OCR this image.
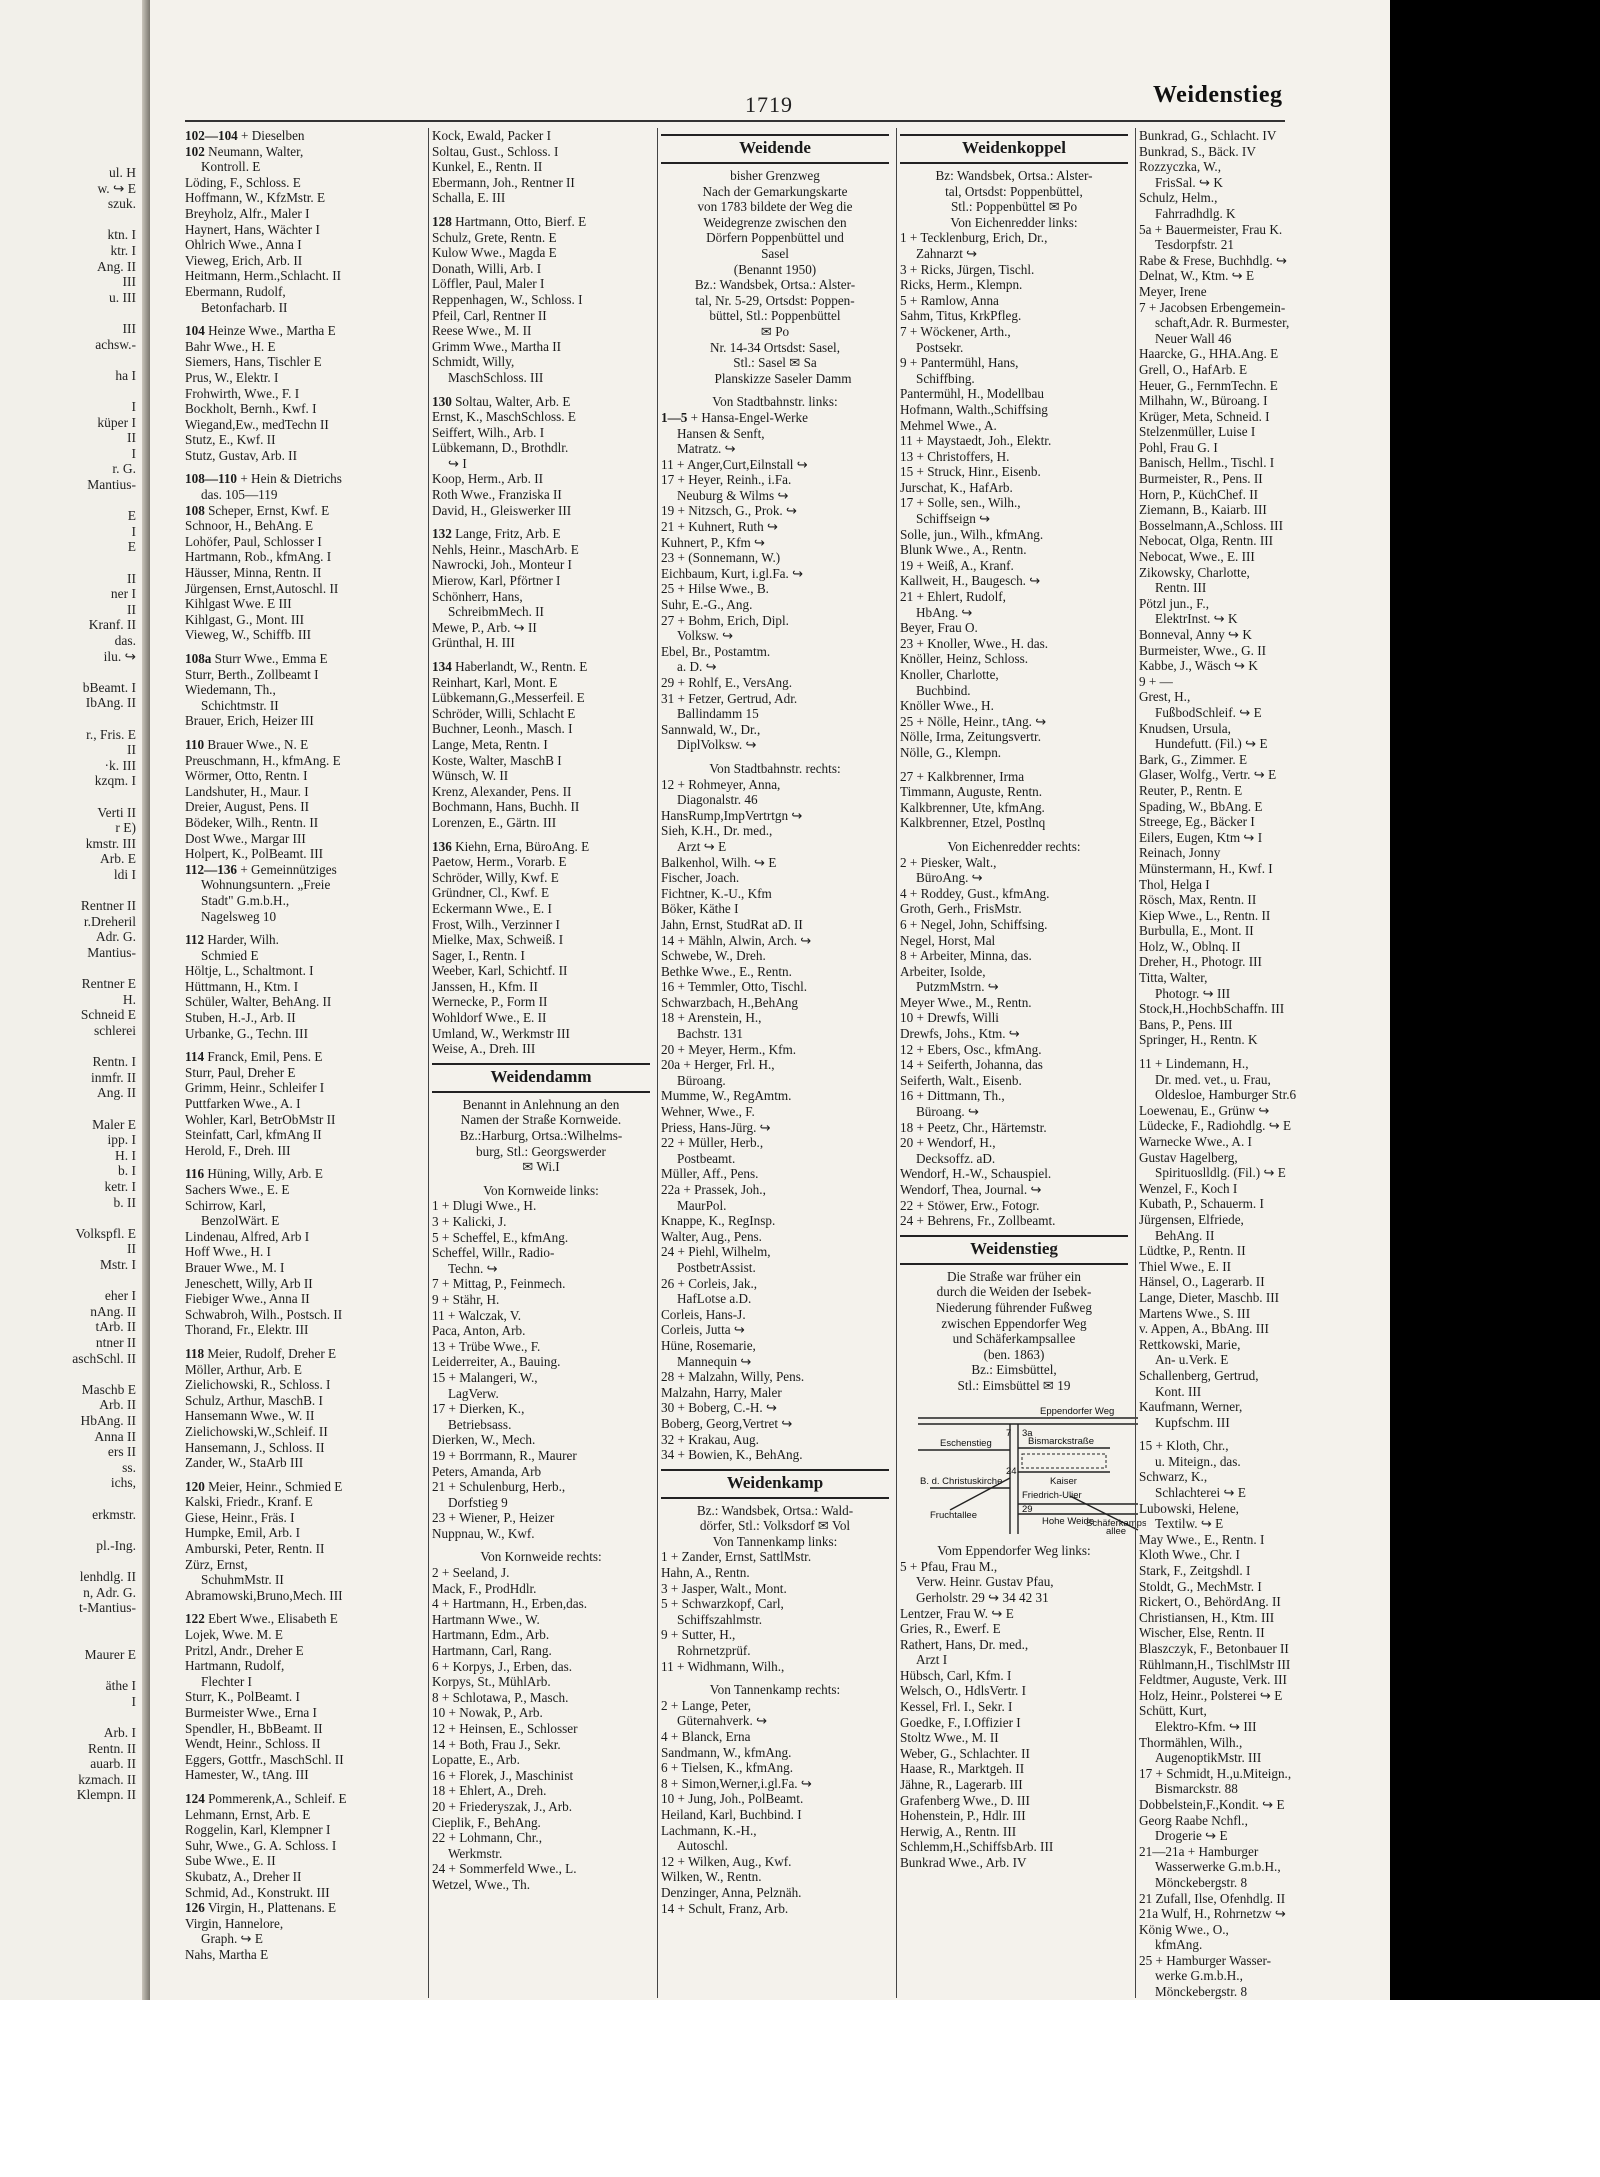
1719	Weidenstieg
102—104 + Dieselben
102 Neumann, Walter,
Kontroll. E
Löding, F., Schloss. E
Hoffmann, W., KfzMstr. E
Breyholz, Alfr., Maler I
Haynert, Hans, Wächter I
Ohlrich Wwe., Anna I
Vieweg, Erich, Arb. II
Heitmann, Herm.,Schlacht. II
Ebermann, Rudolf,
Betonfacharb. II
104 Heinze Wwe., Martha E
Bahr Wwe., H. E
Siemers, Hans, Tischler E
Prus, W., Elektr. I
Frohwirth, Wwe., F. I
Bockholt, Bernh., Kwf. I
Wiegand,Ew., medTechn II
Stutz, E., Kwf. II
Stutz, Gustav, Arb. II
108—110 + Hein & Dietrichs
das. 105—119
108 Scheper, Ernst, Kwf. E
Schnoor, H., BehAng. E
Lohöfer, Paul, Schlosser I
Hartmann, Rob., kfmAng. I
Häusser, Minna, Rentn. II
Jürgensen, Ernst,Autoschl. II
Kihlgast Wwe. E III
Kihlgast, G., Mont. III
Vieweg, W., Schiffb. III
108a Sturr Wwe., Emma E
Sturr, Berth., Zollbeamt I
Wiedemann, Th.,
Schichtmstr. II
Brauer, Erich, Heizer III
110 Brauer Wwe., N. E
Preuschmann, H., kfmAng. E
Wörmer, Otto, Rentn. I
Landshuter, H., Maur. I
Dreier, August, Pens. II
Bödeker, Wilh., Rentn. II
Dost Wwe., Margar III
Holpert, K., PolBeamt. III
112—136 + Gemeinnütziges
Wohnungsuntern. „Freie
Stadt" G.m.b.H.,
Nagelsweg 10
112 Harder, Wilh.
Schmied E
Höltje, L., Schaltmont. I
Hüttmann, H., Ktm. I
Schüler, Walter, BehAng. II
Stuben, H.-J., Arb. II
Urbanke, G., Techn. III
114 Franck, Emil, Pens. E
Sturr, Paul, Dreher E
Grimm, Heinr., Schleifer I
Puttfarken Wwe., A. I
Wohler, Karl, BetrObMstr II
Steinfatt, Carl, kfmAng II
Herold, F., Dreh. III
116 Hüning, Willy, Arb. E
Sachers Wwe., E. E
Schirrow, Karl,
BenzolWärt. E
Lindenau, Alfred, Arb I
Hoff Wwe., H. I
Brauer Wwe., M. I
Jeneschett, Willy, Arb II
Fiebiger Wwe., Anna II
Schwabroh, Wilh., Postsch. II
Thorand, Fr., Elektr. III
118 Meier, Rudolf, Dreher E
Möller, Arthur, Arb. E
Zielichowski, R., Schloss. I
Schulz, Arthur, MaschB. I
Hansemann Wwe., W. II
Zielichowski,W.,Schleif. II
Hansemann, J., Schloss. II
Zander, W., StaArb III
120 Meier, Heinr., Schmied E
Kalski, Friedr., Kranf. E
Giese, Heinr., Fräs. I
Humpke, Emil, Arb. I
Amburski, Peter, Rentn. II
Zürz, Ernst,
SchuhmMstr. II
Abramowski,Bruno,Mech. III
122 Ebert Wwe., Elisabeth E
Lojek, Wwe. M. E
Pritzl, Andr., Dreher E
Hartmann, Rudolf,
Flechter I
Sturr, K., PolBeamt. I
Burmeister Wwe., Erna I
Spendler, H., BbBeamt. II
Wendt, Heinr., Schloss. II
Eggers, Gottfr., MaschSchl. II
Hamester, W., tAng. III
124 Pommerenk,A., Schleif. E
Lehmann, Ernst, Arb. E
Roggelin, Karl, Klempner I
Suhr, Wwe., G. A. Schloss. I
Sube Wwe., E. II
Skubatz, A., Dreher II
Schmid, Ad., Konstrukt. III
126 Virgin, H., Plattenans. E
Virgin, Hannelore,
Graph. ↪ E
Nahs, Martha E
Kock, Ewald, Packer I
Soltau, Gust., Schloss. I
Kunkel, E., Rentn. II
Ebermann, Joh., Rentner II
Schalla, E. III
128 Hartmann, Otto, Bierf. E
Schulz, Grete, Rentn. E
Kulow Wwe., Magda E
Donath, Willi, Arb. I
Löffler, Paul, Maler I
Reppenhagen, W., Schloss. I
Pfeil, Carl, Rentner II
Reese Wwe., M. II
Grimm Wwe., Martha II
Schmidt, Willy,
MaschSchloss. III
130 Soltau, Walter, Arb. E
Ernst, K., MaschSchloss. E
Seiffert, Wilh., Arb. I
Lübkemann, D., Brothdlr.
↪ I
Koop, Herm., Arb. II
Roth Wwe., Franziska II
David, H., Gleiswerker III
132 Lange, Fritz, Arb. E
Nehls, Heinr., MaschArb. E
Nawrocki, Joh., Monteur I
Mierow, Karl, Pförtner I
Schönherr, Hans,
SchreibmMech. II
Mewe, P., Arb. ↪ II
Grünthal, H. III
134 Haberlandt, W., Rentn. E
Reinhart, Karl, Mont. E
Lübkemann,G.,Messerfeil. E
Schröder, Willi, Schlacht E
Buchner, Leonh., Masch. I
Lange, Meta, Rentn. I
Koste, Walter, MaschB I
Wünsch, W. II
Krenz, Alexander, Pens. II
Bochmann, Hans, Buchh. II
Lorenzen, E., Gärtn. III
136 Kiehn, Erna, BüroAng. E
Paetow, Herm., Vorarb. E
Schröder, Willy, Kwf. E
Gründner, Cl., Kwf. E
Eckermann Wwe., E. I
Frost, Wilh., Verzinner I
Mielke, Max, Schweiß. I
Sager, I., Rentn. I
Weeber, Karl, Schichtf. II
Janssen, H., Kfm. II
Wernecke, P., Form II
Wohldorf Wwe., E. II
Umland, W., Werkmstr III
Weise, A., Dreh. III
Weidendamm
Benannt in Anlehnung an den
Namen der Straße Kornweide.
Bz.:Harburg, Ortsa.:Wilhelms-
burg, Stl.: Georgswerder
✉ Wi.I
Von Kornweide links:
1 + Dlugi Wwe., H.
3 + Kalicki, J.
5 + Scheffel, E., kfmAng.
Scheffel, Willr., Radio-
Techn. ↪
7 + Mittag, P., Feinmech.
9 + Stähr, H.
11 + Walczak, V.
Paca, Anton, Arb.
13 + Trübe Wwe., F.
Leiderreiter, A., Bauing.
15 + Malangeri, W.,
LagVerw.
17 + Dierken, K.,
Betriebsass.
Dierken, W., Mech.
19 + Borrmann, R., Maurer
Peters, Amanda, Arb
21 + Schulenburg, Herb.,
Dorfstieg 9
23 + Wiener, P., Heizer
Nuppnau, W., Kwf.
Von Kornweide rechts:
2 + Seeland, J.
Mack, F., ProdHdlr.
4 + Hartmann, H., Erben,das.
Hartmann Wwe., W.
Hartmann, Edm., Arb.
Hartmann, Carl, Rang.
6 + Korpys, J., Erben, das.
Korpys, St., MühlArb.
8 + Schlotawa, P., Masch.
10 + Nowak, P., Arb.
12 + Heinsen, E., Schlosser
14 + Both, Frau J., Sekr.
Lopatte, E., Arb.
16 + Florek, J., Maschinist
18 + Ehlert, A., Dreh.
20 + Friederyszak, J., Arb.
Cieplik, F., BehAng.
22 + Lohmann, Chr.,
Werkmstr.
24 + Sommerfeld Wwe., L.
Wetzel, Wwe., Th.
Weidende
bisher Grenzweg
Nach der Gemarkungskarte
von 1783 bildete der Weg die
Weidegrenze zwischen den
Dörfern Poppenbüttel und
Sasel
(Benannt 1950)
Bz.: Wandsbek, Ortsa.: Alster-
tal, Nr. 5-29, Ortsdst: Poppen-
büttel, Stl.: Poppenbüttel
✉ Po
Nr. 14-34 Ortsdst: Sasel,
Stl.: Sasel ✉ Sa
Planskizze Saseler Damm
Von Stadtbahnstr. links:
1—5 + Hansa-Engel-Werke
Hansen & Senft,
Matratz. ↪
11 + Anger,Curt,Eilnstall ↪
17 + Heyer, Reinh., i.Fa.
Neuburg & Wilms ↪
19 + Nitzsch, G., Prok. ↪
21 + Kuhnert, Ruth ↪
Kuhnert, P., Kfm ↪
23 + (Sonnemann, W.)
Eichbaum, Kurt, i.gl.Fa. ↪
25 + Hilse Wwe., B.
Suhr, E.-G., Ang.
27 + Bohm, Erich, Dipl.
Volksw. ↪
Ebel, Br., Postamtm.
a. D. ↪
29 + Rohlf, E., VersAng.
31 + Fetzer, Gertrud, Adr.
Ballindamm 15
Sannwald, W., Dr.,
DiplVolksw. ↪
Von Stadtbahnstr. rechts:
12 + Rohmeyer, Anna,
Diagonalstr. 46
HansRump,ImpVertrtgn ↪
Sieh, K.H., Dr. med.,
Arzt ↪ E
Balkenhol, Wilh. ↪ E
Fischer, Joach.
Fichtner, K.-U., Kfm
Böker, Käthe I
Jahn, Ernst, StudRat aD. II
14 + Mähln, Alwin, Arch. ↪
Schwebe, W., Dreh.
Bethke Wwe., E., Rentn.
16 + Temmler, Otto, Tischl.
Schwarzbach, H.,BehAng
18 + Arenstein, H.,
Bachstr. 131
20 + Meyer, Herm., Kfm.
20a + Herger, Frl. H.,
Büroang.
Mumme, W., RegAmtm.
Wehner, Wwe., F.
Priess, Hans-Jürg. ↪
22 + Müller, Herb.,
Postbeamt.
Müller, Aff., Pens.
22a + Prassek, Joh.,
MaurPol.
Knappe, K., RegInsp.
Walter, Aug., Pens.
24 + Piehl, Wilhelm,
PostbetrAssist.
26 + Corleis, Jak.,
HafLotse a.D.
Corleis, Hans-J.
Corleis, Jutta ↪
Hüne, Rosemarie,
Mannequin ↪
28 + Malzahn, Willy, Pens.
Malzahn, Harry, Maler
30 + Boberg, C.-H. ↪
Boberg, Georg,Vertret ↪
32 + Krakau, Aug.
34 + Bowien, K., BehAng.
Weidenkamp
Bz.: Wandsbek, Ortsa.: Wald-
dörfer, Stl.: Volksdorf ✉ Vol
Von Tannenkamp links:
1 + Zander, Ernst, SattlMstr.
Hahn, A., Rentn.
3 + Jasper, Walt., Mont.
5 + Schwarzkopf, Carl,
Schiffszahlmstr.
9 + Sutter, H.,
Rohrnetzprüf.
11 + Widhmann, Wilh.,
Von Tannenkamp rechts:
2 + Lange, Peter,
Güternahverk. ↪
4 + Blanck, Erna
Sandmann, W., kfmAng.
6 + Tielsen, K., kfmAng.
8 + Simon,Werner,i.gl.Fa. ↪
10 + Jung, Joh., PolBeamt.
Heiland, Karl, Buchbind. I
Lachmann, K.-H.,
Autoschl.
12 + Wilken, Aug., Kwf.
Wilken, W., Rentn.
Denzinger, Anna, Pelznäh.
14 + Schult, Franz, Arb.
Weidenkoppel
Bz: Wandsbek, Ortsa.: Alster-
tal, Ortsdst: Poppenbüttel,
Stl.: Poppenbüttel ✉ Po
Von Eichenredder links:
1 + Tecklenburg, Erich, Dr.,
Zahnarzt ↪
3 + Ricks, Jürgen, Tischl.
Ricks, Herm., Klempn.
5 + Ramlow, Anna
Sahm, Titus, KrkPfleg.
7 + Wöckener, Arth.,
Postsekr.
9 + Pantermühl, Hans,
Schiffbing.
Pantermühl, H., Modellbau
Hofmann, Walth.,Schiffsing
Mehmel Wwe., A.
11 + Maystaedt, Joh., Elektr.
13 + Christoffers, H.
15 + Struck, Hinr., Eisenb.
Jurschat, K., HafArb.
17 + Solle, sen., Wilh.,
Schiffseign ↪
Solle, jun., Wilh., kfmAng.
Blunk Wwe., A., Rentn.
19 + Weiß, A., Kranf.
Kallweit, H., Baugesch. ↪
21 + Ehlert, Rudolf,
HbAng. ↪
Beyer, Frau O.
23 + Knoller, Wwe., H. das.
Knöller, Heinz, Schloss.
Knoller, Charlotte,
Buchbind.
Knöller Wwe., H.
25 + Nölle, Heinr., tAng. ↪
Nölle, Irma, Zeitungsvertr.
Nölle, G., Klempn.
27 + Kalkbrenner, Irma
Timmann, Auguste, Rentn.
Kalkbrenner, Ute, kfmAng.
Kalkbrenner, Etzel, Postlnq
Von Eichenredder rechts:
2 + Piesker, Walt.,
BüroAng. ↪
4 + Roddey, Gust., kfmAng.
Groth, Gerh., FrisMstr.
6 + Negel, John, Schiffsing.
Negel, Horst, Mal
8 + Arbeiter, Minna, das.
Arbeiter, Isolde,
PutzmMstrn. ↪
Meyer Wwe., M., Rentn.
10 + Drewfs, Willi
Drewfs, Johs., Ktm. ↪
12 + Ebers, Osc., kfmAng.
14 + Seiferth, Johanna, das
Seiferth, Walt., Eisenb.
16 + Dittmann, Th.,
Büroang. ↪
18 + Peetz, Chr., Härtemstr.
20 + Wendorf, H.,
Decksoffz. aD.
Wendorf, H.-W., Schauspiel.
Wendorf, Thea, Journal. ↪
22 + Stöwer, Erw., Fotogr.
24 + Behrens, Fr., Zollbeamt.
Weidenstieg
Die Straße war früher ein
durch die Weiden der Isebek-
Niederung führender Fußweg
zwischen Eppendorfer Weg
und Schäferkampsallee
(ben. 1863)
Bz.: Eimsbüttel,
Stl.: Eimsbüttel ✉ 19
Eppendorfer Weg
7 3a
Bismarckstraße
Eschenstieg
24
B. d. Christuskirche	Kaiser
Friedrich-Ulier
Fruchtallee
29
Hohe Weide
Schäferkamps
allee
Vom Eppendorfer Weg links:
5 + Pfau, Frau M.,
Verw. Heinr. Gustav Pfau,
Gerholstr. 29 ↪ 34 42 31
Lentzer, Frau W. ↪ E
Gries, R., Ewerf. E
Rathert, Hans, Dr. med.,
Arzt I
Hübsch, Carl, Kfm. I
Welsch, O., HdlsVertr. I
Kessel, Frl. I., Sekr. I
Goedke, F., I.Offizier I
Stoltz Wwe., M. II
Weber, G., Schlachter. II
Haase, R., Marktgeh. II
Jähne, R., Lagerarb. III
Grafenberg Wwe., D. III
Hohenstein, P., Hdlr. III
Herwig, A., Rentn. III
Schlemm,H.,SchiffsbArb. III
Bunkrad Wwe., Arb. IV
Bunkrad, G., Schlacht. IV
Bunkrad, S., Bäck. IV
Rozzyczka, W.,
FrisSal. ↪ K
Schulz, Helm.,
Fahrradhdlg. K
5a + Bauermeister, Frau K.
Tesdorpfstr. 21
Rabe & Frese, Buchhdlg. ↪
Delnat, W., Ktm. ↪ E
Meyer, Irene
7 + Jacobsen Erbengemein-
schaft,Adr. R. Burmester,
Neuer Wall 46
Haarcke, G., HHA.Ang. E
Grell, O., HafArb. E
Heuer, G., FernmTechn. E
Milhahn, W., Büroang. I
Krüger, Meta, Schneid. I
Stelzenmüller, Luise I
Pohl, Frau G. I
Banisch, Hellm., Tischl. I
Burmeister, R., Pens. II
Horn, P., KüchChef. II
Ziemann, B., Kaiarb. III
Bosselmann,A.,Schloss. III
Nebocat, Olga, Rentn. III
Nebocat, Wwe., E. III
Zikowsky, Charlotte,
Rentn. III
Pötzl jun., F.,
ElektrInst. ↪ K
Bonneval, Anny ↪ K
Burmeister, Wwe., G. II
Kabbe, J., Wäsch ↪ K
9 + —
Grest, H.,
FußbodSchleif. ↪ E
Knudsen, Ursula,
Hundefutt. (Fil.) ↪ E
Bark, G., Zimmer. E
Glaser, Wolfg., Vertr. ↪ E
Reuter, P., Rentn. E
Spading, W., BbAng. E
Streege, Eg., Bäcker I
Eilers, Eugen, Ktm ↪ I
Reinach, Jonny
Münstermann, H., Kwf. I
Thol, Helga I
Rösch, Max, Rentn. II
Kiep Wwe., L., Rentn. II
Burbulla, E., Mont. II
Holz, W., Oblnq. II
Dreher, H., Photogr. III
Titta, Walter,
Photogr. ↪ III
Stock,H.,HochbSchaffn. III
Bans, P., Pens. III
Springer, H., Rentn. K
11 + Lindemann, H.,
Dr. med. vet., u. Frau,
Oldesloe, Hamburger Str.6
Loewenau, E., Grünw ↪
Lüdecke, F., Radiohdlg. ↪ E
Warnecke Wwe., A. I
Gustav Hagelberg,
Spirituoslldlg. (Fil.) ↪ E
Wenzel, F., Koch I
Kubath, P., Schauerm. I
Jürgensen, Elfriede,
BehAng. II
Lüdtke, P., Rentn. II
Thiel Wwe., E. II
Hänsel, O., Lagerarb. II
Lange, Dieter, Maschb. III
Martens Wwe., S. III
v. Appen, A., BbAng. III
Rettkowski, Marie,
An- u.Verk. E
Schallenberg, Gertrud,
Kont. III
Kaufmann, Werner,
Kupfschm. III
15 + Kloth, Chr.,
u. Miteign., das.
Schwarz, K.,
Schlachterei ↪ E
Lubowski, Helene,
Textilw. ↪ E
May Wwe., E., Rentn. I
Kloth Wwe., Chr. I
Stark, F., Zeitgshdl. I
Stoldt, G., MechMstr. I
Rickert, O., BehördAng. II
Christiansen, H., Ktm. III
Wischer, Else, Rentn. II
Blaszczyk, F., Betonbauer II
Rühlmann,H., TischlMstr III
Feldtmer, Auguste, Verk. III
Holz, Heinr., Polsterei ↪ E
Schütt, Kurt,
Elektro-Kfm. ↪ III
Thormählen, Wilh.,
AugenoptikMstr. III
17 + Schmidt, H.,u.Miteign.,
Bismarckstr. 88
Dobbelstein,F.,Kondit. ↪ E
Georg Raabe Nchfl.,
Drogerie ↪ E
21—21a + Hamburger
Wasserwerke G.m.b.H.,
Mönckebergstr. 8
21 Zufall, Ilse, Ofenhdlg. II
21a Wulf, H., Rohrnetzw ↪
König Wwe., O.,
kfmAng.
25 + Hamburger Wasser-
werke G.m.b.H.,
Mönckebergstr. 8
ul. H
w. ↪ E
szuk.
ktn. I
ktr. I
Ang. II
III
u. III
III
achsw.-
ha I
I
küper I
II
I
r. G.
Mantius-
E
I
E
II
ner I
II
Kranf. II
das.
ilu. ↪
bBeamt. I
IbAng. II
r., Fris. E
II
·k. III
kzqm. I
Verti II
r E)
kmstr. III
Arb. E
ldi I
Rentner II
r.Dreheril
Adr. G.
Mantius-
Rentner E
H.
Schneid E
schlerei
Rentn. I
inmfr. II
Ang. II
Maler E
ipp. I
H. I
b. I
ketr. I
b. II
Volkspfl. E
II
Mstr. I
eher I
nAng. II
tArb. II
ntner II
aschSchl. II
Maschb E
Arb. II
HbAng. II
Anna II
ers II
ss.
ichs,
erkmstr.
pl.-Ing.
lenhdlg. II
n, Adr. G.
t-Mantius-
Maurer E
äthe I
I
Arb. I
Rentn. II
auarb. II
kzmach. II
Klempn. II
